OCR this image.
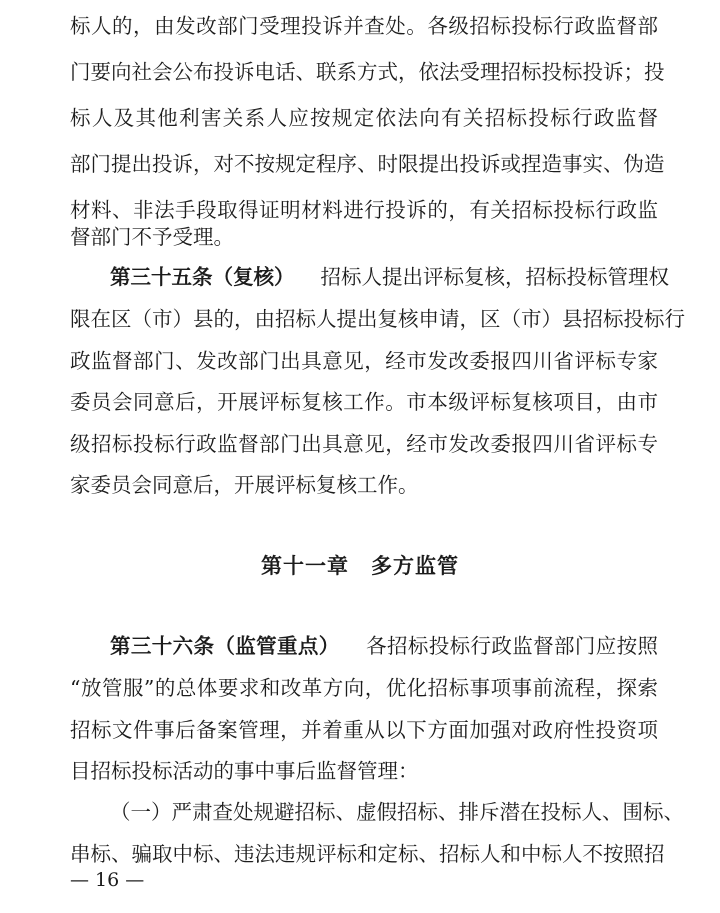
标人的，由发改部门受理投诉并查处。各级招标投标行政监督部
门要向社会公布投诉电话、联系方式，依法受理招标投标投诉；投
标人及其他利害关系人应按规定依法向有关招标投标行政监督
部门提出投诉，对不按规定程序、时限提出投诉或捏造事实、伪造
材料、非法手段取得证明材料进行投诉的，有关招标投标行政监
督部门不予受理。
第三十五条（复核） 招标人提出评标复核，招标投标管理权
限在区（市）县的，由招标人提出复核申请，区（市）县招标投标行
政监督部门、发改部门出具意见，经市发改委报四川省评标专家
委员会同意后，开展评标复核工作。市本级评标复核项目，由市
级招标投标行政监督部门出具意见，经市发改委报四川省评标专
家委员会同意后，开展评标复核工作。
第十一章　多方监管
第三十六条（监管重点） 各招标投标行政监督部门应按照
“放管服”的总体要求和改革方向，优化招标事项事前流程，探索
招标文件事后备案管理，并着重从以下方面加强对政府性投资项
目招标投标活动的事中事后监督管理：
（一）严肃查处规避招标、虚假招标、排斥潜在投标人、围标、
串标、骗取中标、违法违规评标和定标、招标人和中标人不按照招
— 16 —
